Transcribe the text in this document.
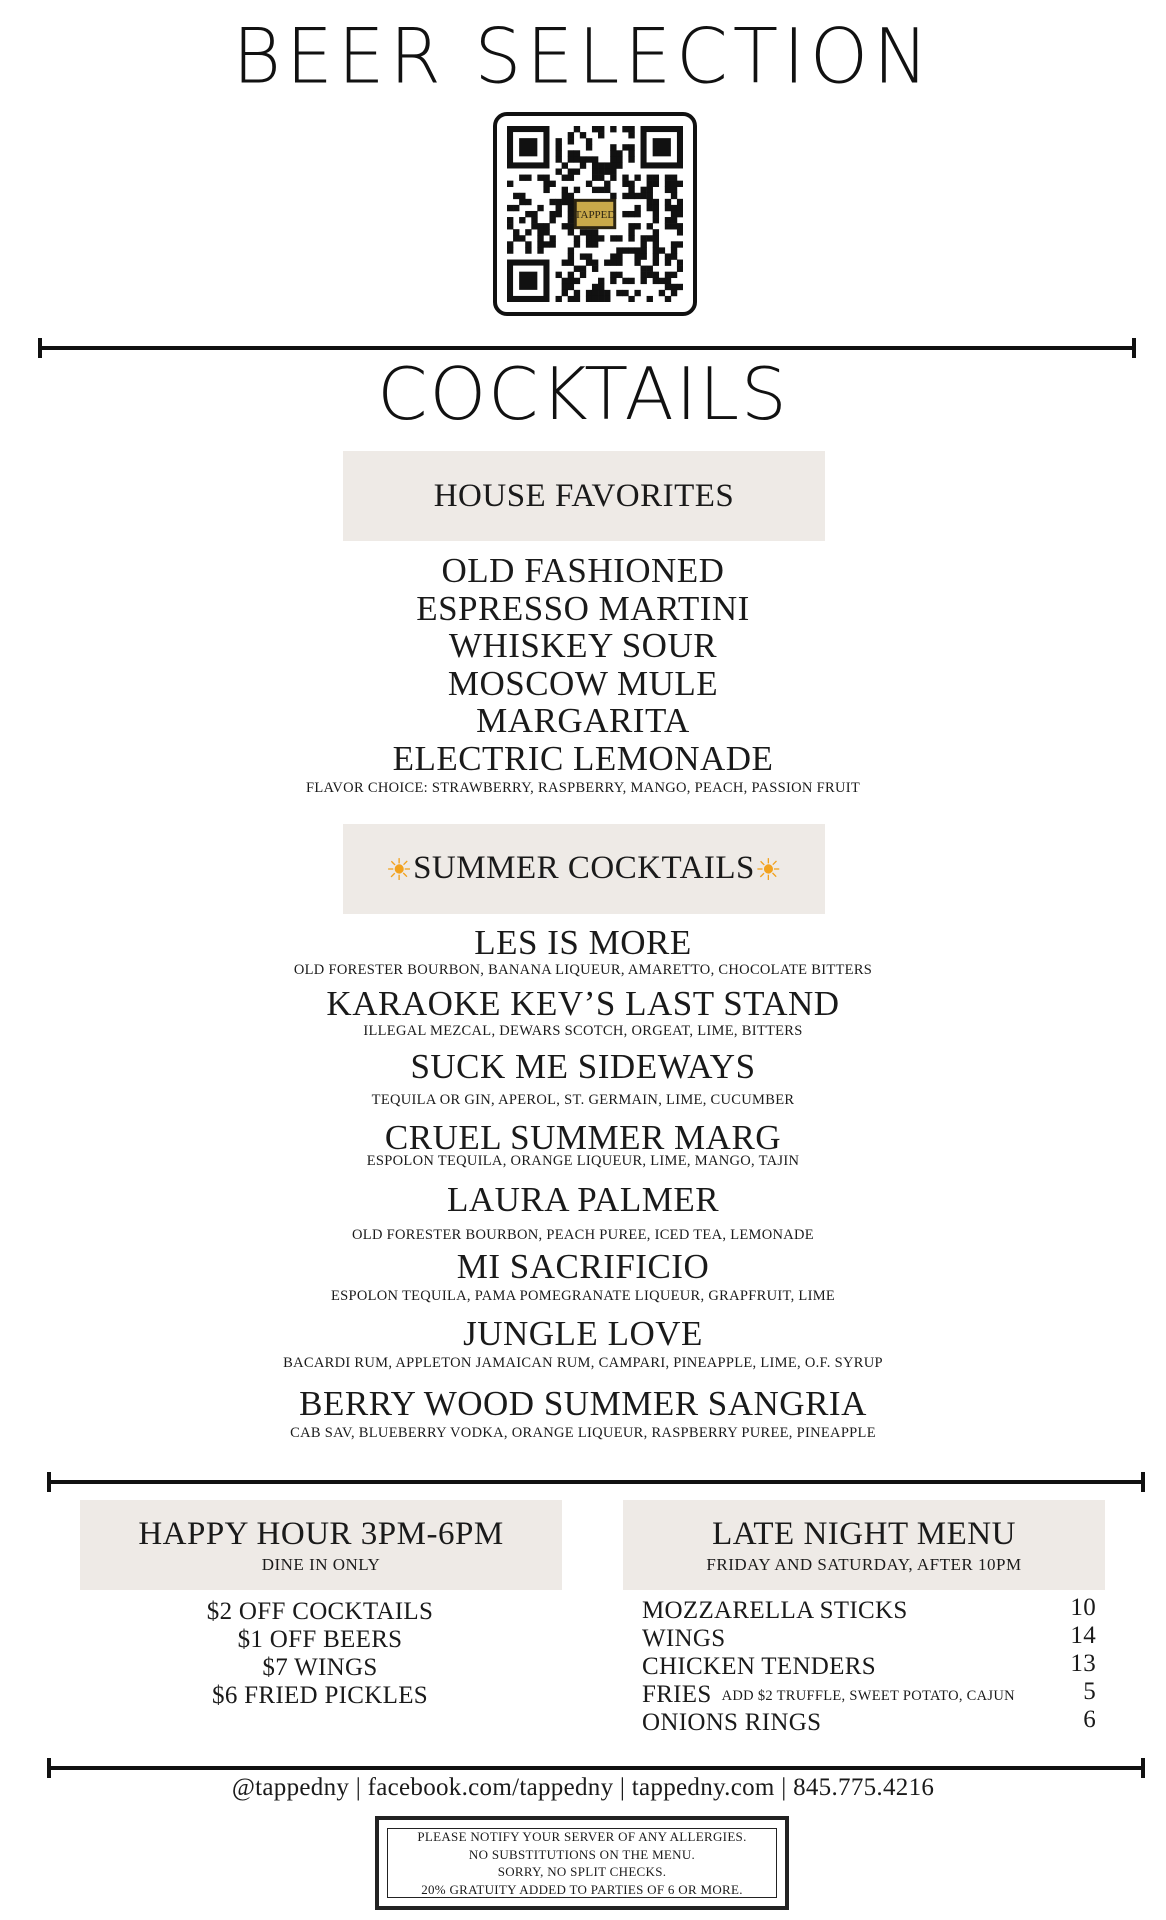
BEER SELECTION
TAPPED
COCKTAILS
HOUSE FAVORITES
OLD FASHIONED
ESPRESSO MARTINI
WHISKEY SOUR
MOSCOW MULE
MARGARITA
ELECTRIC LEMONADE
FLAVOR CHOICE: STRAWBERRY, RASPBERRY, MANGO, PEACH, PASSION FRUIT
☀SUMMER COCKTAILS☀
LES IS MORE
OLD FORESTER BOURBON, BANANA LIQUEUR, AMARETTO, CHOCOLATE BITTERS
KARAOKE KEV’S LAST STAND
ILLEGAL MEZCAL, DEWARS SCOTCH, ORGEAT, LIME, BITTERS
SUCK ME SIDEWAYS
TEQUILA OR GIN, APEROL, ST. GERMAIN, LIME, CUCUMBER
CRUEL SUMMER MARG
ESPOLON TEQUILA, ORANGE LIQUEUR, LIME, MANGO, TAJIN
LAURA PALMER
OLD FORESTER BOURBON, PEACH PUREE, ICED TEA, LEMONADE
MI SACRIFICIO
ESPOLON TEQUILA, PAMA POMEGRANATE LIQUEUR, GRAPFRUIT, LIME
JUNGLE LOVE
BACARDI RUM, APPLETON JAMAICAN RUM, CAMPARI, PINEAPPLE, LIME, O.F. SYRUP
BERRY WOOD SUMMER SANGRIA
CAB SAV, BLUEBERRY VODKA, ORANGE LIQUEUR, RASPBERRY PUREE, PINEAPPLE
HAPPY HOUR 3PM-6PM
DINE IN ONLY
$2 OFF COCKTAILS
$1 OFF BEERS
$7 WINGS
$6 FRIED PICKLES
LATE NIGHT MENU
FRIDAY AND SATURDAY, AFTER 10PM
MOZZARELLA STICKS	10
WINGS	14
CHICKEN TENDERS	13
FRIES ADD $2 TRUFFLE, SWEET POTATO, CAJUN	5
ONIONS RINGS	6
@tappedny | facebook.com/tappedny | tappedny.com | 845.775.4216
PLEASE NOTIFY YOUR SERVER OF ANY ALLERGIES.
NO SUBSTITUTIONS ON THE MENU.
SORRY, NO SPLIT CHECKS.
20% GRATUITY ADDED TO PARTIES OF 6 OR MORE.
